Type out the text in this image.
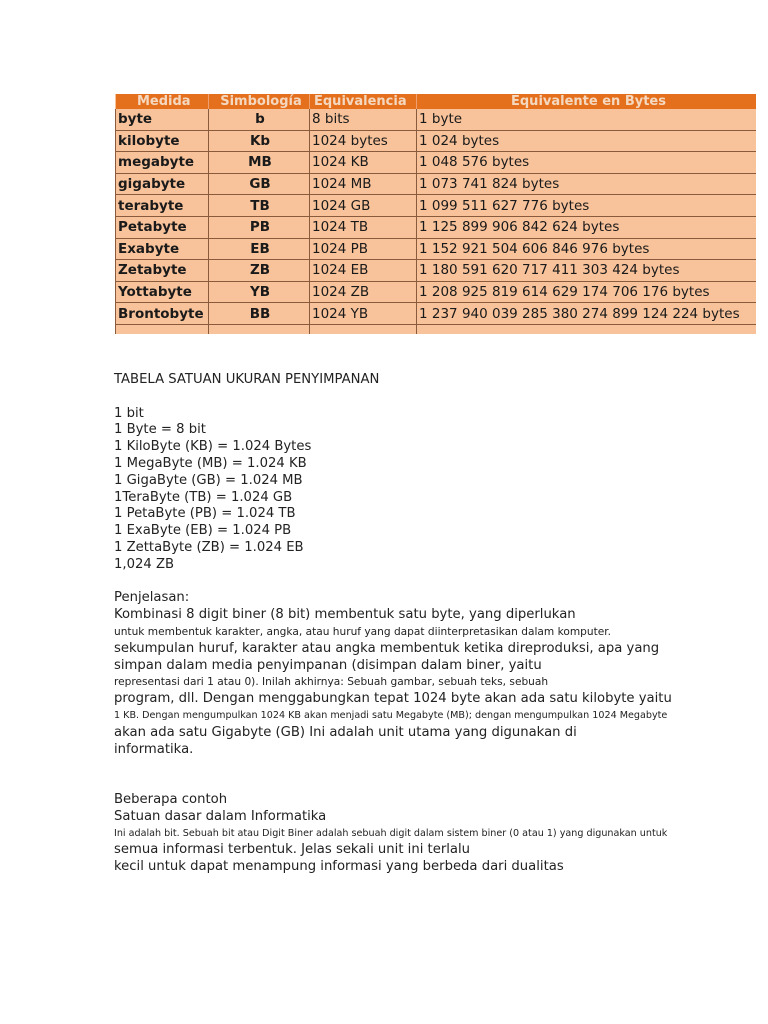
Medida	Simbología	Equivalencia	Equivalente en Bytes
byte	b	8 bits	1 byte
kilobyte	Kb	1024 bytes	1 024 bytes
megabyte	MB	1024 KB	1 048 576 bytes
gigabyte	GB	1024 MB	1 073 741 824 bytes
terabyte	TB	1024 GB	1 099 511 627 776 bytes
Petabyte	PB	1024 TB	1 125 899 906 842 624 bytes
Exabyte	EB	1024 PB	1 152 921 504 606 846 976 bytes
Zetabyte	ZB	1024 EB	1 180 591 620 717 411 303 424 bytes
Yottabyte	YB	1024 ZB	1 208 925 819 614 629 174 706 176 bytes
Brontobyte	BB	1024 YB	1 237 940 039 285 380 274 899 124 224 bytes

TABELA SATUAN UKURAN PENYIMPANAN
1 bit
1 Byte = 8 bit
1 KiloByte (KB) = 1.024 Bytes
1 MegaByte (MB) = 1.024 KB
1 GigaByte (GB) = 1.024 MB
1TeraByte (TB) = 1.024 GB
1 PetaByte (PB) = 1.024 TB
1 ExaByte (EB) = 1.024 PB
1 ZettaByte (ZB) = 1.024 EB
1,024 ZB
Penjelasan:
Kombinasi 8 digit biner (8 bit) membentuk satu byte, yang diperlukan
untuk membentuk karakter, angka, atau huruf yang dapat diinterpretasikan dalam komputer.
sekumpulan huruf, karakter atau angka membentuk ketika direproduksi, apa yang
simpan dalam media penyimpanan (disimpan dalam biner, yaitu
representasi dari 1 atau 0). Inilah akhirnya: Sebuah gambar, sebuah teks, sebuah
program, dll. Dengan menggabungkan tepat 1024 byte akan ada satu kilobyte yaitu
1 KB. Dengan mengumpulkan 1024 KB akan menjadi satu Megabyte (MB); dengan mengumpulkan 1024 Megabyte
akan ada satu Gigabyte (GB) Ini adalah unit utama yang digunakan di
informatika.
Beberapa contoh
Satuan dasar dalam Informatika
Ini adalah bit. Sebuah bit atau Digit Biner adalah sebuah digit dalam sistem biner (0 atau 1) yang digunakan untuk
semua informasi terbentuk. Jelas sekali unit ini terlalu
kecil untuk dapat menampung informasi yang berbeda dari dualitas
